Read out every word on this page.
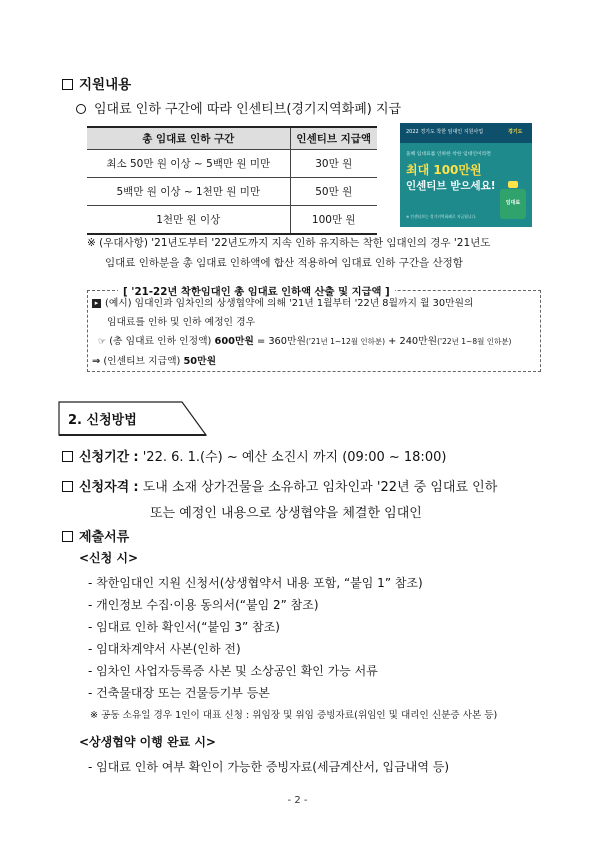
지원내용
임대료 인하 구간에 따라 인센티브(경기지역화폐) 지급
총 임대료 인하 구간	인센티브 지급액
최소 50만 원 이상 ~ 5백만 원 미만	30만 원
5백만 원 이상 ~ 1천만 원 미만	50만 원
1천만 원 이상	100만 원
2022 경기도 착한 임대인 지원사업	경기도
올해 임대료를 인하한 착한 임대인이라면
최대 100만원
인센티브 받으세요!
※ 인센티브는 경기지역화폐로 지급됩니다.
임대료
※ (우대사항) '21년도부터 '22년도까지 지속 인하 유지하는 착한 임대인의 경우 '21년도
임대료 인하분을 총 임대료 인하액에 합산 적용하여 임대료 인하 구간을 산정함
[ '21-22년 착한임대인 총 임대료 인하액 산출 및 지급액 ]
▸ (예시) 임대인과 임차인의 상생협약에 의해 '21년 1월부터 '22년 8월까지 월 30만원의
임대료를 인하 및 인하 예정인 경우
☞ (총 임대료 인하 인정액) 600만원 = 360만원('21년 1~12월 인하분) + 240만원('22년 1~8월 인하분)
⇒ (인센티브 지급액) 50만원
2. 신청방법
신청기간 : '22. 6. 1.(수) ~ 예산 소진시 까지 (09:00 ~ 18:00)
신청자격 : 도내 소재 상가건물을 소유하고 임차인과 '22년 중 임대료 인하
또는 예정인 내용으로 상생협약을 체결한 임대인
제출서류
<신청 시>
- 착한임대인 지원 신청서(상생협약서 내용 포함, “붙임 1” 참조)
- 개인정보 수집·이용 동의서(“붙임 2” 참조)
- 임대료 인하 확인서(“붙임 3” 참조)
- 임대차계약서 사본(인하 전)
- 임차인 사업자등록증 사본 및 소상공인 확인 가능 서류
- 건축물대장 또는 건물등기부 등본
※ 공동 소유일 경우 1인이 대표 신청 : 위임장 및 위임 증빙자료(위임인 및 대리인 신분증 사본 등)
<상생협약 이행 완료 시>
- 임대료 인하 여부 확인이 가능한 증빙자료(세금계산서, 입금내역 등)
- 2 -
